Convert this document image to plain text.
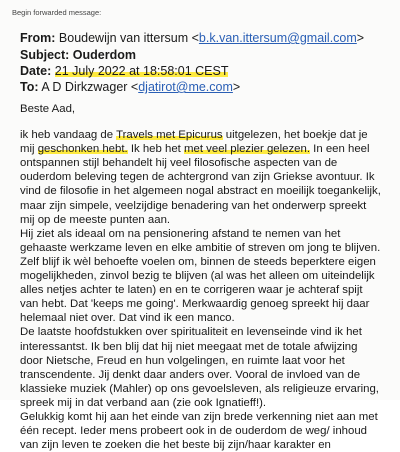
Begin forwarded message:
From: Boudewijn van ittersum <b.k.van.ittersum@gmail.com>
Subject: Ouderdom
Date: 21 July 2022 at 18:58:01 CEST
To: A D Dirkzwager <djatirot@me.com>
Beste Aad,
ik heb vandaag de Travels met Epicurus uitgelezen, het boekje dat je
mij geschonken hebt. Ik heb het met veel plezier gelezen. In een heel
ontspannen stijl behandelt hij veel filosofische aspecten van de
ouderdom beleving tegen de achtergrond van zijn Griekse avontuur. Ik
vind de filosofie in het algemeen nogal abstract en moeilijk toegankelijk,
maar zijn simpele, veelzijdige benadering van het onderwerp spreekt
mij op de meeste punten aan.
Hij ziet als ideaal om na pensionering afstand te nemen van het
gehaaste werkzame leven en elke ambitie of streven om jong te blijven.
Zelf blijf ik wèl behoefte voelen om, binnen de steeds beperktere eigen
mogelijkheden, zinvol bezig te blijven (al was het alleen om uiteindelijk
alles netjes achter te laten) en en te corrigeren waar je achteraf spijt
van hebt. Dat 'keeps me going'. Merkwaardig genoeg spreekt hij daar
helemaal niet over. Dat vind ik een manco.
De laatste hoofdstukken over spiritualiteit en levenseinde vind ik het
interessantst. Ik ben blij dat hij niet meegaat met de totale afwijzing
door Nietsche, Freud en hun volgelingen, en ruimte laat voor het
transcendente. Jij denkt daar anders over. Vooral de invloed van de
klassieke muziek (Mahler) op ons gevoelsleven, als religieuze ervaring,
spreek mij in dat verband aan (zie ook Ignatieff!).
Gelukkig komt hij aan het einde van zijn brede verkenning niet aan met
één recept. Ieder mens probeert ook in de ouderdom de weg/ inhoud
van zijn leven te zoeken die het beste bij zijn/haar karakter en
